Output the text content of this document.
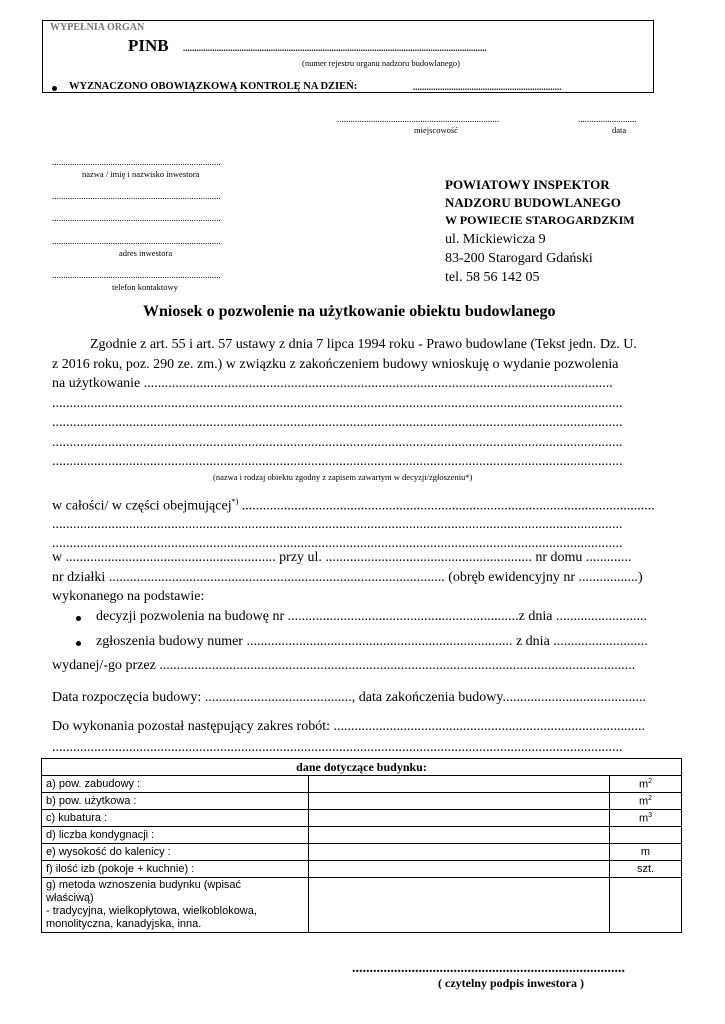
WYPEŁNIA ORGAN
PINB .......................................................................................................................................
(numer rejestru organu nadzoru budowlanego)
WYZNACZONO OBOWIĄZKOWĄ KONTROLĘ NA DZIEŃ:	..................................................................
........................................................................
miejscowość
..........................
data
...........................................................................
nazwa / imię i nazwisko inwestora
...........................................................................
...........................................................................
...........................................................................
adres inwestora
...........................................................................
telefon kontaktowy
POWIATOWY INSPEKTOR
NADZORU BUDOWLANEGO
W POWIECIE STAROGARDZKIM
ul. Mickiewicza 9
83-200 Starogard Gdański
tel. 58 56 142 05
Wniosek o pozwolenie na użytkowanie obiektu budowlanego
Zgodnie z art. 55 i art. 57 ustawy z dnia 7 lipca 1994 roku - Prawo budowlane (Tekst jedn. Dz. U.
z 2016 roku, poz. 290 ze. zm.) w związku z zakończeniem budowy wnioskuję o wydanie pozwolenia
na użytkowanie ......................................................................................................................................
...................................................................................................................................................................
...................................................................................................................................................................
...................................................................................................................................................................
...................................................................................................................................................................
(nazwa i rodzaj obiektu zgodny z zapisem zawartym w decyzji/zgłoszeniu*)
w całości/ w części obejmującej*) ......................................................................................................................
...................................................................................................................................................................
...................................................................................................................................................................
w ............................................................ przy ul. ........................................................... nr domu .............
nr działki ................................................................................................ (obręb ewidencyjny nr .................)
wykonanego na podstawie:
decyzji pozwolenia na budowę nr ..................................................................z dnia ..........................
zgłoszenia budowy numer ............................................................................ z dnia ...........................
wydanej/-go przez ........................................................................................................................................
Data rozpoczęcia budowy: .........................................., data zakończenia budowy.........................................
Do wykonania pozostał następujący zakres robót: .........................................................................................
...................................................................................................................................................................
dane dotyczące budynku:		
a) pow. zabudowy :		$m^2$
b) pow. użytkowa :		$m^2$
c) kubatura :		$m^3$
d) liczba kondygnacji :		
e) wysokość do kalenicy :		m
f) ilość izb (pokoje + kuchnie) :		szt.

g) metoda wznoszenia budynku (wpisać
właściwą)
- tradycyjna, wielkopłytowa, wielkoblokowa,
monolityczna, kanadyjska, inna.		

..............................................................................
( czytelny podpis inwestora )
